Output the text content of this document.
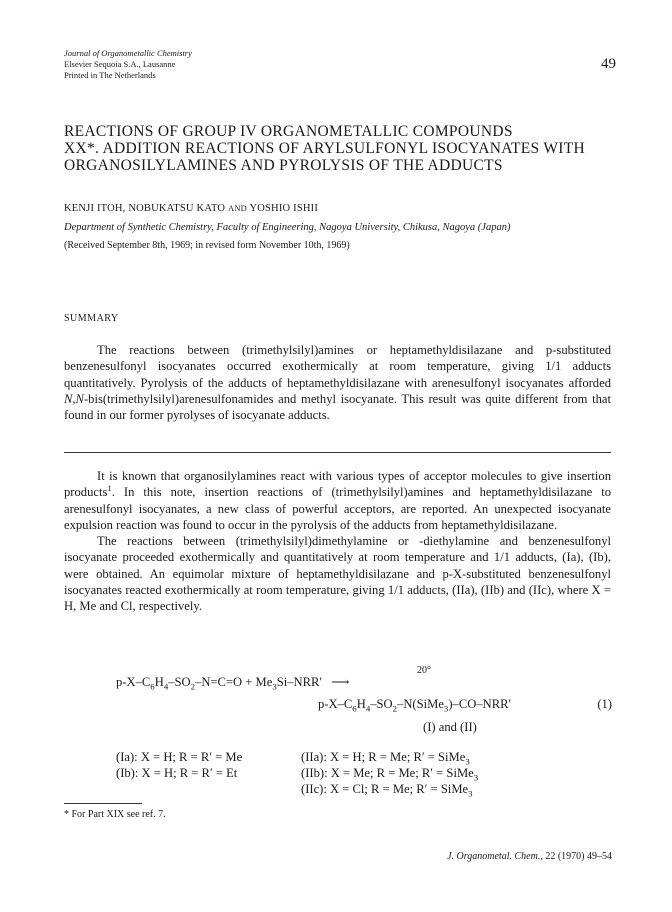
Journal of Organometallic Chemistry
Elsevier Sequoia S.A., Lausanne
Printed in The Netherlands
49
REACTIONS OF GROUP IV ORGANOMETALLIC COMPOUNDS
XX*. ADDITION REACTIONS OF ARYLSULFONYL ISOCYANATES WITH
ORGANOSILYLAMINES AND PYROLYSIS OF THE ADDUCTS
KENJI ITOH, NOBUKATSU KATO AND YOSHIO ISHII
Department of Synthetic Chemistry, Faculty of Engineering, Nagoya University, Chikusa, Nagoya (Japan)
(Received September 8th, 1969; in revised form November 10th, 1969)
SUMMARY

The reactions between (trimethylsilyl)amines or heptamethyldisilazane and p-substituted benzenesulfonyl isocyanates occurred exothermically at room temperature, giving 1/1 adducts quantitatively. Pyrolysis of the adducts of heptamethyldisilazane with arenesulfonyl isocyanates afforded N,N-bis(trimethylsilyl)arenesulfonamides and methyl isocyanate. This result was quite different from that found in our former pyrolyses of isocyanate adducts.

It is known that organosilylamines react with various types of acceptor molecules to give insertion products$^1$. In this note, insertion reactions of (trimethylsilyl)amines and heptamethyldisilazane to arenesulfonyl isocyanates, a new class of powerful acceptors, are reported. An unexpected isocyanate expulsion reaction was found to occur in the pyrolysis of the adducts from heptamethyldisilazane.

The reactions between (trimethylsilyl)dimethylamine or -diethylamine and benzenesulfonyl isocyanate proceeded exothermically and quantitatively at room temperature and 1/1 adducts, (Ia), (Ib), were obtained. An equimolar mixture of heptamethyldisilazane and p-X-substituted benzenesulfonyl isocyanates reacted exothermically at room temperature, giving 1/1 adducts, (IIa), (IIb) and (IIc), where X = H, Me and Cl, respectively.

20°
$p-X-C_6H_4-SO_2-N=C=O + Me_3Si-NRR'$ ⟶
$p-X-C_6H_4-SO_2-N(SiMe_3)-CO-NRR'$	(1)
(I) and (II)
(Ia): X = H; R = R′ = Me
(Ib): X = H; R = R′ = Et
(IIa): X = H; R = Me; R′ = SiMe$_3$
(IIb): X = Me; R = Me; R′ = SiMe$_3$
(IIc): X = Cl; R = Me; R′ = SiMe$_3$
* For Part XIX see ref. 7.
J. Organometal. Chem., 22 (1970) 49–54
